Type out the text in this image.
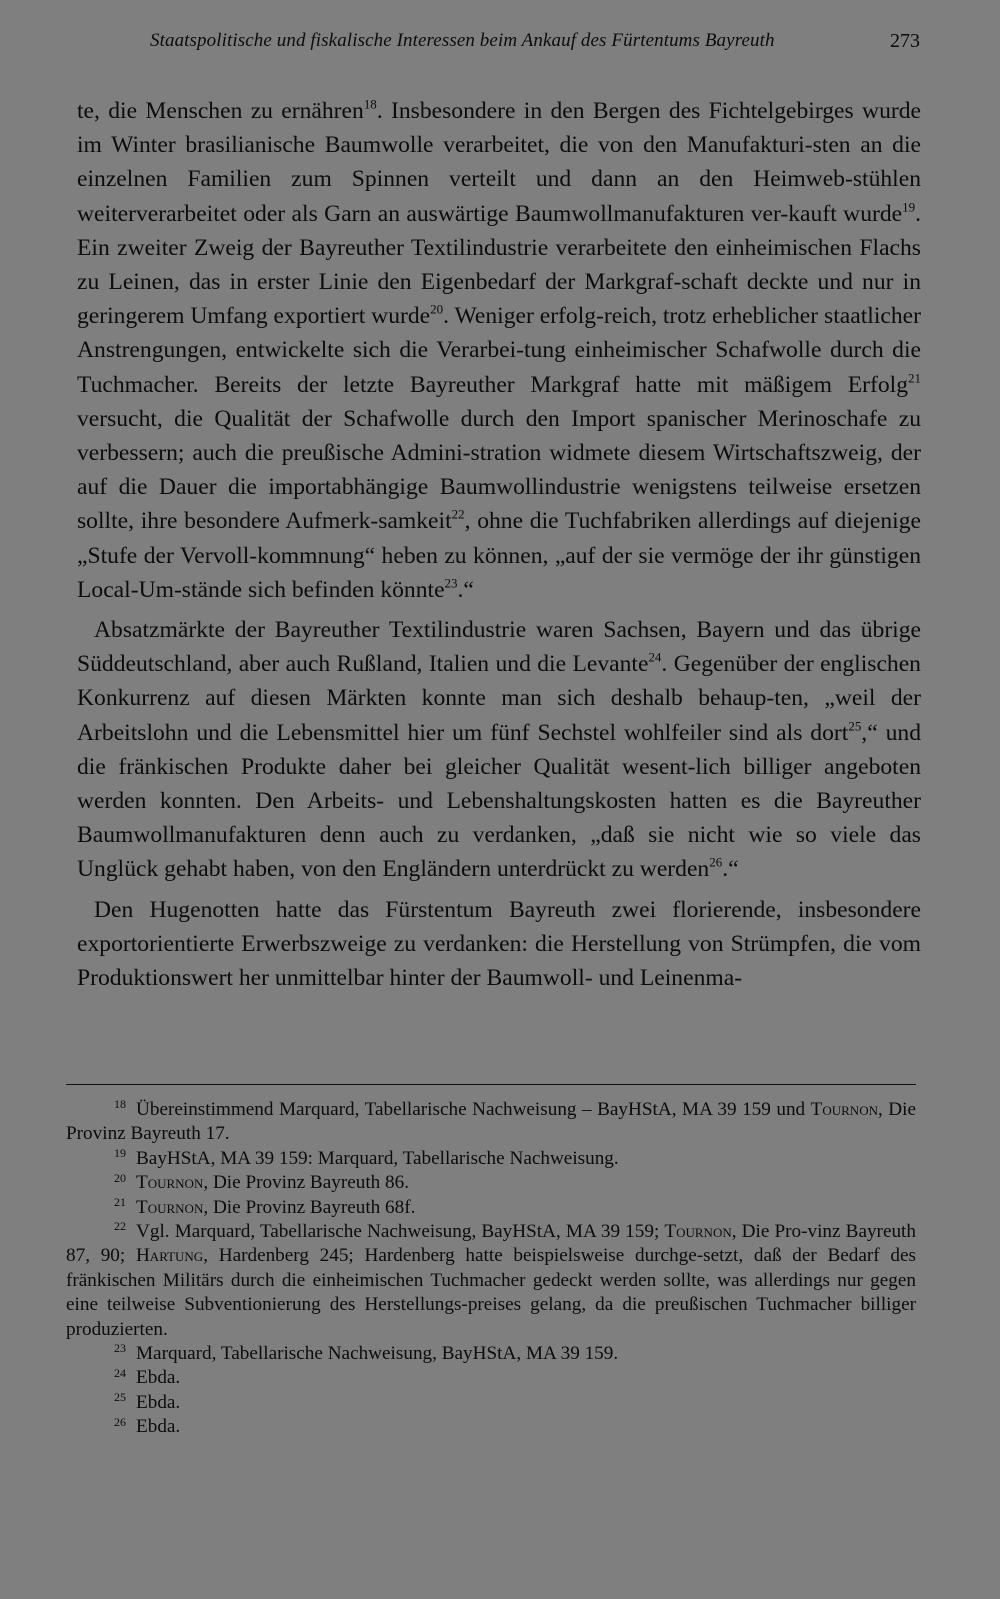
Staatspolitische und fiskalische Interessen beim Ankauf des Fürtentums Bayreuth	273

te, die Menschen zu ernähren$^{18}$. Insbesondere in den Bergen des Fichtelgebirges wurde im Winter brasilianische Baumwolle verarbeitet, die von den Manufakturi-sten an die einzelnen Familien zum Spinnen verteilt und dann an den Heimweb-stühlen weiterverarbeitet oder als Garn an auswärtige Baumwollmanufakturen ver-kauft wurde$^{19}$. Ein zweiter Zweig der Bayreuther Textilindustrie verarbeitete den einheimischen Flachs zu Leinen, das in erster Linie den Eigenbedarf der Markgraf-schaft deckte und nur in geringerem Umfang exportiert wurde$^{20}$. Weniger erfolg-reich, trotz erheblicher staatlicher Anstrengungen, entwickelte sich die Verarbei-tung einheimischer Schafwolle durch die Tuchmacher. Bereits der letzte Bayreuther Markgraf hatte mit mäßigem Erfolg$^{21}$ versucht, die Qualität der Schafwolle durch den Import spanischer Merinoschafe zu verbessern; auch die preußische Admini-stration widmete diesem Wirtschaftszweig, der auf die Dauer die importabhängige Baumwollindustrie wenigstens teilweise ersetzen sollte, ihre besondere Aufmerk-samkeit$^{22}$, ohne die Tuchfabriken allerdings auf diejenige „Stufe der Vervoll-kommnung“ heben zu können, „auf der sie vermöge der ihr günstigen Local-Um-stände sich befinden könnte$^{23}$.“

Absatzmärkte der Bayreuther Textilindustrie waren Sachsen, Bayern und das übrige Süddeutschland, aber auch Rußland, Italien und die Levante$^{24}$. Gegenüber der englischen Konkurrenz auf diesen Märkten konnte man sich deshalb behaup-ten, „weil der Arbeitslohn und die Lebensmittel hier um fünf Sechstel wohlfeiler sind als dort$^{25}$,“ und die fränkischen Produkte daher bei gleicher Qualität wesent-lich billiger angeboten werden konnten. Den Arbeits- und Lebenshaltungskosten hatten es die Bayreuther Baumwollmanufakturen denn auch zu verdanken, „daß sie nicht wie so viele das Unglück gehabt haben, von den Engländern unterdrückt zu werden$^{26}$.“

Den Hugenotten hatte das Fürstentum Bayreuth zwei florierende, insbesondere exportorientierte Erwerbszweige zu verdanken: die Herstellung von Strümpfen, die vom Produktionswert her unmittelbar hinter der Baumwoll- und Leinenma-

18 Übereinstimmend Marquard, Tabellarische Nachweisung – BayHStA, MA 39 159 und Tournon, Die Provinz Bayreuth 17.

19 BayHStA, MA 39 159: Marquard, Tabellarische Nachweisung.

20 Tournon, Die Provinz Bayreuth 86.

21 Tournon, Die Provinz Bayreuth 68f.

22 Vgl. Marquard, Tabellarische Nachweisung, BayHStA, MA 39 159; Tournon, Die Pro-vinz Bayreuth 87, 90; Hartung, Hardenberg 245; Hardenberg hatte beispielsweise durchge-setzt, daß der Bedarf des fränkischen Militärs durch die einheimischen Tuchmacher gedeckt werden sollte, was allerdings nur gegen eine teilweise Subventionierung des Herstellungs-preises gelang, da die preußischen Tuchmacher billiger produzierten.

23 Marquard, Tabellarische Nachweisung, BayHStA, MA 39 159.

24 Ebda.

25 Ebda.

26 Ebda.
